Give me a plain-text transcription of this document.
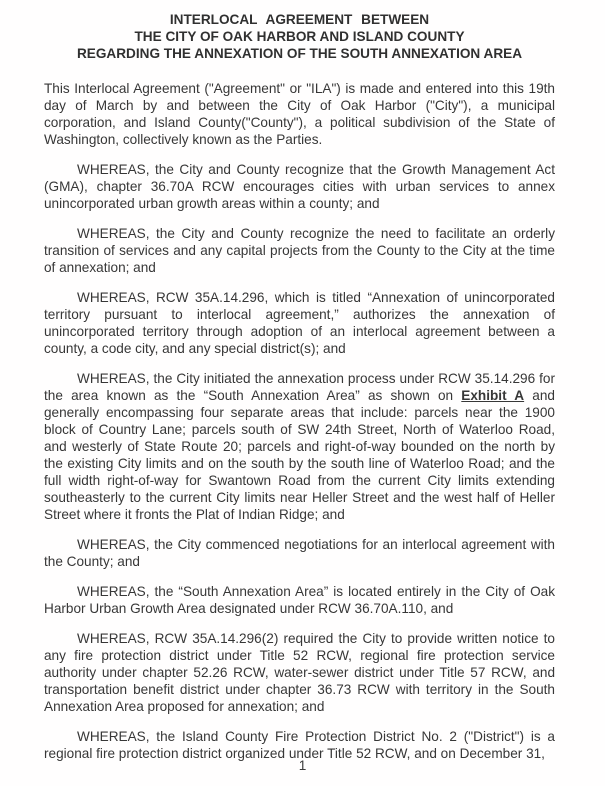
INTERLOCAL AGREEMENT BETWEEN
THE CITY OF OAK HARBOR AND ISLAND COUNTY
REGARDING THE ANNEXATION OF THE SOUTH ANNEXATION AREA

This Interlocal Agreement ("Agreement" or "ILA") is made and entered into this 19th day of March by and between the City of Oak Harbor ("City"), a municipal corporation, and Island County("County"), a political subdivision of the State of Washington, collectively known as the Parties.

WHEREAS, the City and County recognize that the Growth Management Act (GMA), chapter 36.70A RCW encourages cities with urban services to annex unincorporated urban growth areas within a county; and

WHEREAS, the City and County recognize the need to facilitate an orderly transition of services and any capital projects from the County to the City at the time of annexation; and

WHEREAS, RCW 35A.14.296, which is titled “Annexation of unincorporated territory pursuant to interlocal agreement,” authorizes the annexation of unincorporated territory through adoption of an interlocal agreement between a county, a code city, and any special district(s); and

WHEREAS, the City initiated the annexation process under RCW 35.14.296 for the area known as the “South Annexation Area” as shown on Exhibit A and generally encompassing four separate areas that include: parcels near the 1900 block of Country Lane; parcels south of SW 24th Street, North of Waterloo Road, and westerly of State Route 20; parcels and right-of-way bounded on the north by the existing City limits and on the south by the south line of Waterloo Road; and the full width right-of-way for Swantown Road from the current City limits extending southeasterly to the current City limits near Heller Street and the west half of Heller Street where it fronts the Plat of Indian Ridge; and

WHEREAS, the City commenced negotiations for an interlocal agreement with the County; and

WHEREAS, the “South Annexation Area” is located entirely in the City of Oak Harbor Urban Growth Area designated under RCW 36.70A.110, and

WHEREAS, RCW 35A.14.296(2) required the City to provide written notice to any fire protection district under Title 52 RCW, regional fire protection service authority under chapter 52.26 RCW, water-sewer district under Title 57 RCW, and transportation benefit district under chapter 36.73 RCW with territory in the South Annexation Area proposed for annexation; and

WHEREAS, the Island County Fire Protection District No. 2 ("District") is a regional fire protection district organized under Title 52 RCW, and on December 31,

1
